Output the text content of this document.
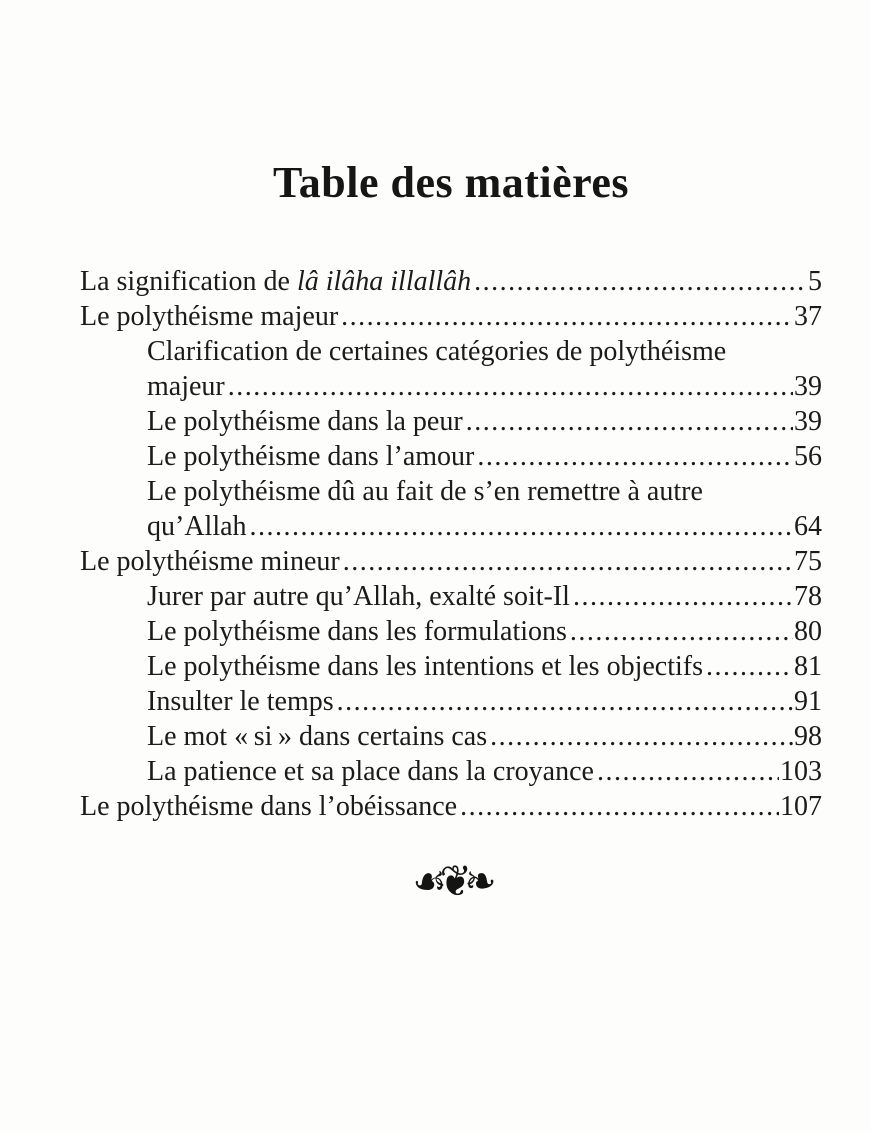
Table des matières
La signification de lâ ilâha illallâh .....	5
Le polythéisme majeur .....	37
Clarification de certaines catégories de polythéisme
majeur .....	39
Le polythéisme dans la peur .....	39
Le polythéisme dans l’amour .....	56
Le polythéisme dû au fait de s’en remettre à autre
qu’Allah .....	64
Le polythéisme mineur .....	75
Jurer par autre qu’Allah, exalté soit-Il .....	78
Le polythéisme dans les formulations .....	80
Le polythéisme dans les intentions et les objectifs .....	81
Insulter le temps .....	91
Le mot « si » dans certains cas .....	98
La patience et sa place dans la croyance .....	103
Le polythéisme dans l’obéissance .....	107
☙❦❧
